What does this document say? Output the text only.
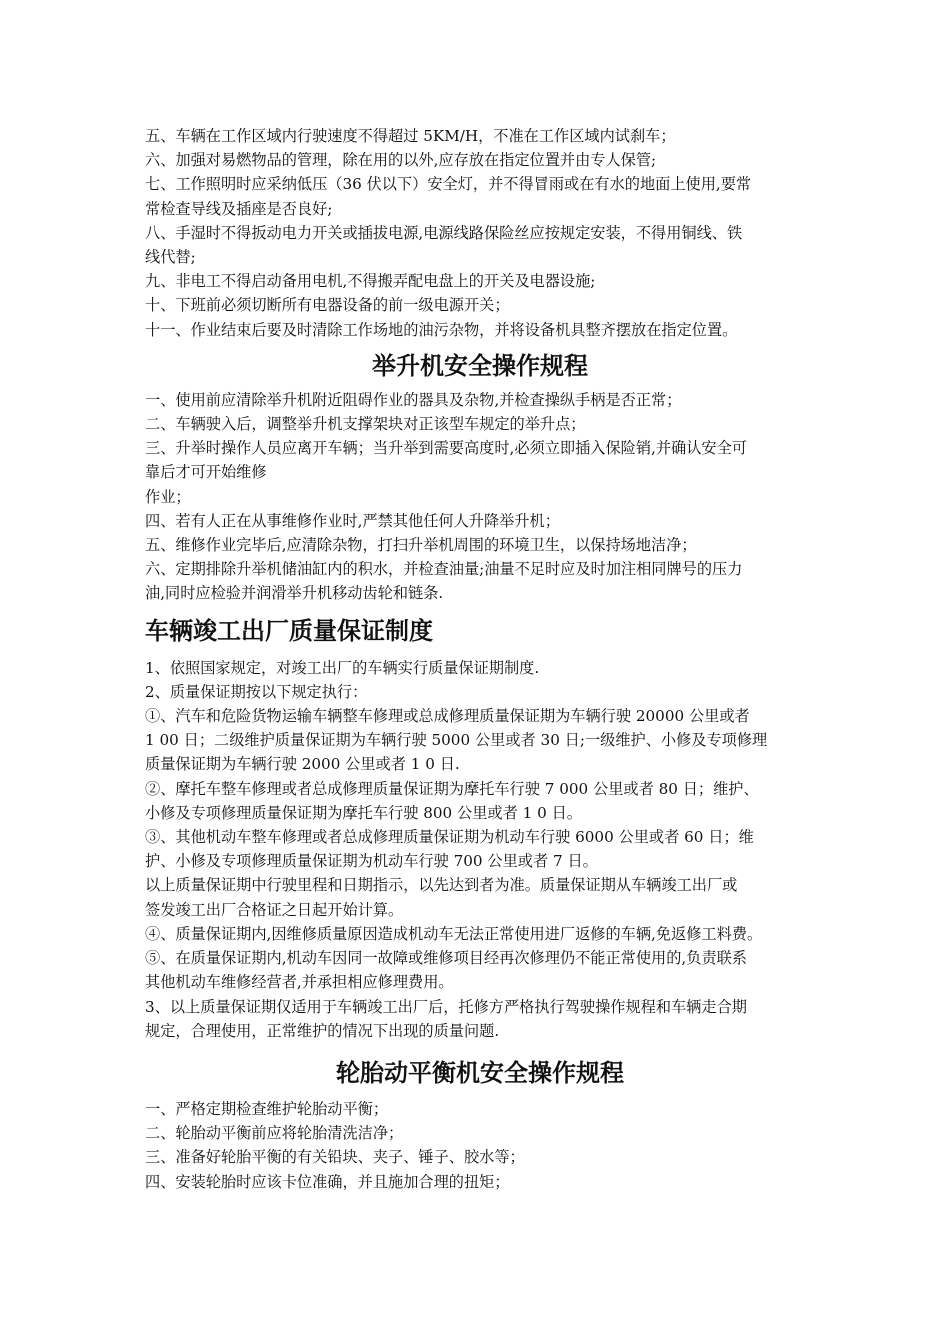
五、车辆在工作区域内行驶速度不得超过 5KM/H，不准在工作区域内试刹车；

六、加强对易燃物品的管理，除在用的以外,应存放在指定位置并由专人保管;

七、工作照明时应采纳低压（36 伏以下）安全灯，并不得冒雨或在有水的地面上使用,要常

常检查导线及插座是否良好;

八、手湿时不得扳动电力开关或插拔电源,电源线路保险丝应按规定安装，不得用铜线、铁

线代替;

九、非电工不得启动备用电机,不得搬弄配电盘上的开关及电器设施;

十、下班前必须切断所有电器设备的前一级电源开关；

十一、作业结束后要及时清除工作场地的油污杂物，并将设备机具整齐摆放在指定位置。

举升机安全操作规程

一、使用前应清除举升机附近阻碍作业的器具及杂物,并检查操纵手柄是否正常；

二、车辆驶入后，调整举升机支撑架块对正该型车规定的举升点；

三、升举时操作人员应离开车辆；当升举到需要高度时,必须立即插入保险销,并确认安全可

靠后才可开始维修

作业；

四、若有人正在从事维修作业时,严禁其他任何人升降举升机；

五、维修作业完毕后,应清除杂物，打扫升举机周围的环境卫生，以保持场地洁净；

六、定期排除升举机储油缸内的积水，并检查油量;油量不足时应及时加注相同牌号的压力

油,同时应检验并润滑举升机移动齿轮和链条.

车辆竣工出厂质量保证制度

1、依照国家规定，对竣工出厂的车辆实行质量保证期制度.

2、质量保证期按以下规定执行：

①、汽车和危险货物运输车辆整车修理或总成修理质量保证期为车辆行驶 20000 公里或者

1 00 日；二级维护质量保证期为车辆行驶 5000 公里或者 30 日;一级维护、小修及专项修理

质量保证期为车辆行驶 2000 公里或者 1 0 日.

②、摩托车整车修理或者总成修理质量保证期为摩托车行驶 7 000 公里或者 80 日；维护、

小修及专项修理质量保证期为摩托车行驶 800 公里或者 1 0 日。

③、其他机动车整车修理或者总成修理质量保证期为机动车行驶 6000 公里或者 60 日；维

护、小修及专项修理质量保证期为机动车行驶 700 公里或者 7 日。

以上质量保证期中行驶里程和日期指示，以先达到者为准。质量保证期从车辆竣工出厂或

签发竣工出厂合格证之日起开始计算。

④、质量保证期内,因维修质量原因造成机动车无法正常使用进厂返修的车辆,免返修工料费。

⑤、在质量保证期内,机动车因同一故障或维修项目经再次修理仍不能正常使用的,负责联系

其他机动车维修经营者,并承担相应修理费用。

3、以上质量保证期仅适用于车辆竣工出厂后，托修方严格执行驾驶操作规程和车辆走合期

规定，合理使用，正常维护的情况下出现的质量问题.

轮胎动平衡机安全操作规程

一、严格定期检查维护轮胎动平衡；

二、轮胎动平衡前应将轮胎清洗洁净；

三、准备好轮胎平衡的有关铅块、夹子、锤子、胶水等；

四、安装轮胎时应该卡位准确，并且施加合理的扭矩；
